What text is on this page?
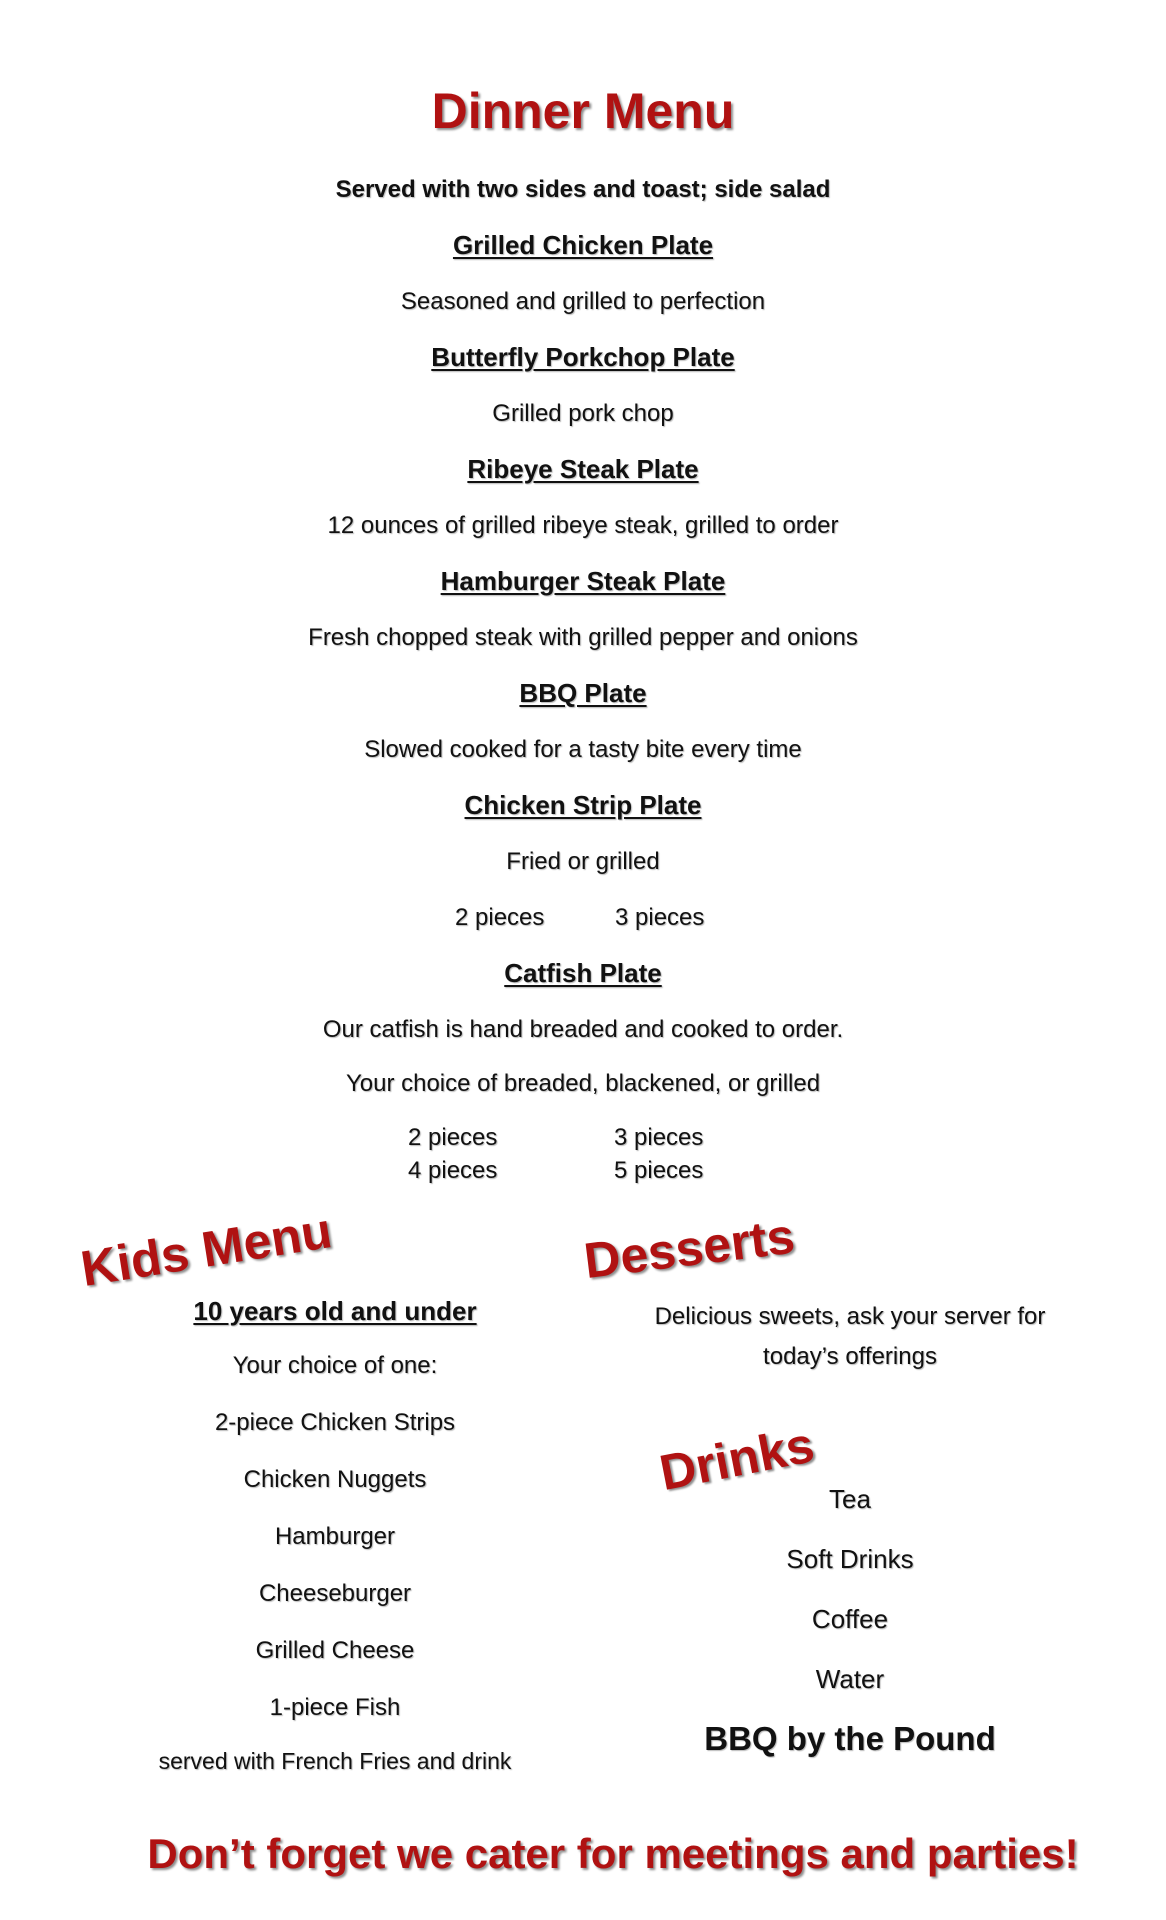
Dinner Menu
Served with two sides and toast; side salad
Grilled Chicken Plate
Seasoned and grilled to perfection
Butterfly Porkchop Plate
Grilled pork chop
Ribeye Steak Plate
12 ounces of grilled ribeye steak, grilled to order
Hamburger Steak Plate
Fresh chopped steak with grilled pepper and onions
BBQ Plate
Slowed cooked for a tasty bite every time
Chicken Strip Plate
Fried or grilled
2 pieces	3 pieces
Catfish Plate
Our catfish is hand breaded and cooked to order.
Your choice of breaded, blackened, or grilled
2 pieces	3 pieces
4 pieces	5 pieces
Kids Menu
10 years old and under
Your choice of one:
2-piece Chicken Strips
Chicken Nuggets
Hamburger
Cheeseburger
Grilled Cheese
1-piece Fish
served with French Fries and drink
Desserts
Delicious sweets, ask your server for
today’s offerings
Drinks Tea
Soft Drinks
Coffee
Water
BBQ by the Pound
Don’t forget we cater for meetings and parties!
